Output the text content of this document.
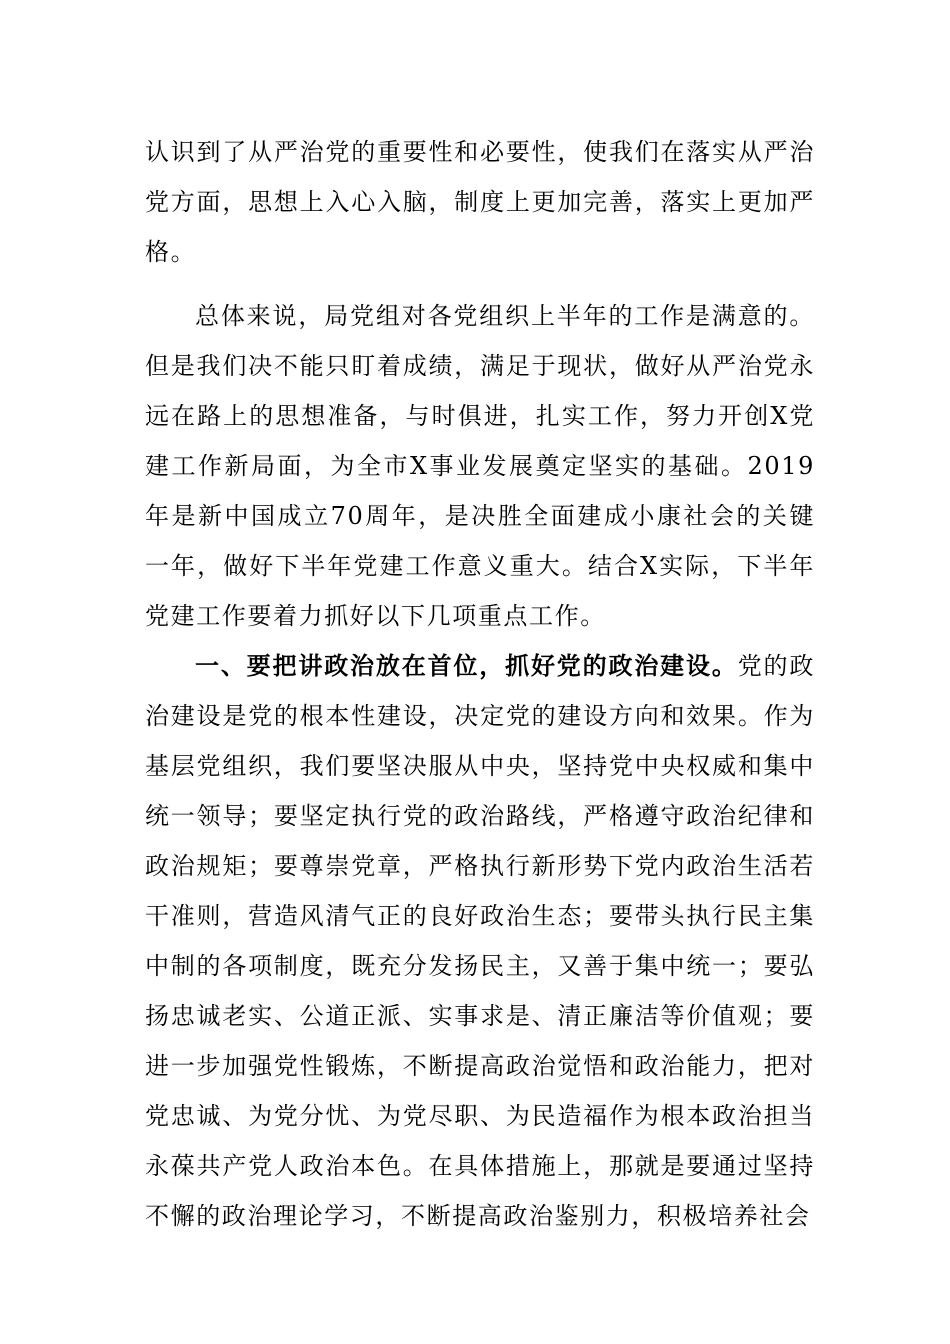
认识到了从严治党的重要性和必要性，使我们在落实从严治党方面，思想上入心入脑，制度上更加完善，落实上更加严格。

总体来说，局党组对各党组织上半年的工作是满意的。但是我们决不能只盯着成绩，满足于现状，做好从严治党永远在路上的思想准备，与时俱进，扎实工作，努力开创X党建工作新局面，为全市X事业发展奠定坚实的基础。2019年是新中国成立70周年，是决胜全面建成小康社会的关键一年，做好下半年党建工作意义重大。结合X实际，下半年党建工作要着力抓好以下几项重点工作。

一、要把讲政治放在首位，抓好党的政治建设。党的政治建设是党的根本性建设，决定党的建设方向和效果。作为基层党组织，我们要坚决服从中央，坚持党中央权威和集中统一领导；要坚定执行党的政治路线，严格遵守政治纪律和政治规矩；要尊崇党章，严格执行新形势下党内政治生活若干准则，营造风清气正的良好政治生态；要带头执行民主集中制的各项制度，既充分发扬民主，又善于集中统一；要弘扬忠诚老实、公道正派、实事求是、清正廉洁等价值观；要进一步加强党性锻炼，不断提高政治觉悟和政治能力，把对党忠诚、为党分忧、为党尽职、为民造福作为根本政治担当永葆共产党人政治本色。在具体措施上，那就是要通过坚持不懈的政治理论学习，不断提高政治鉴别力，积极培养社会
